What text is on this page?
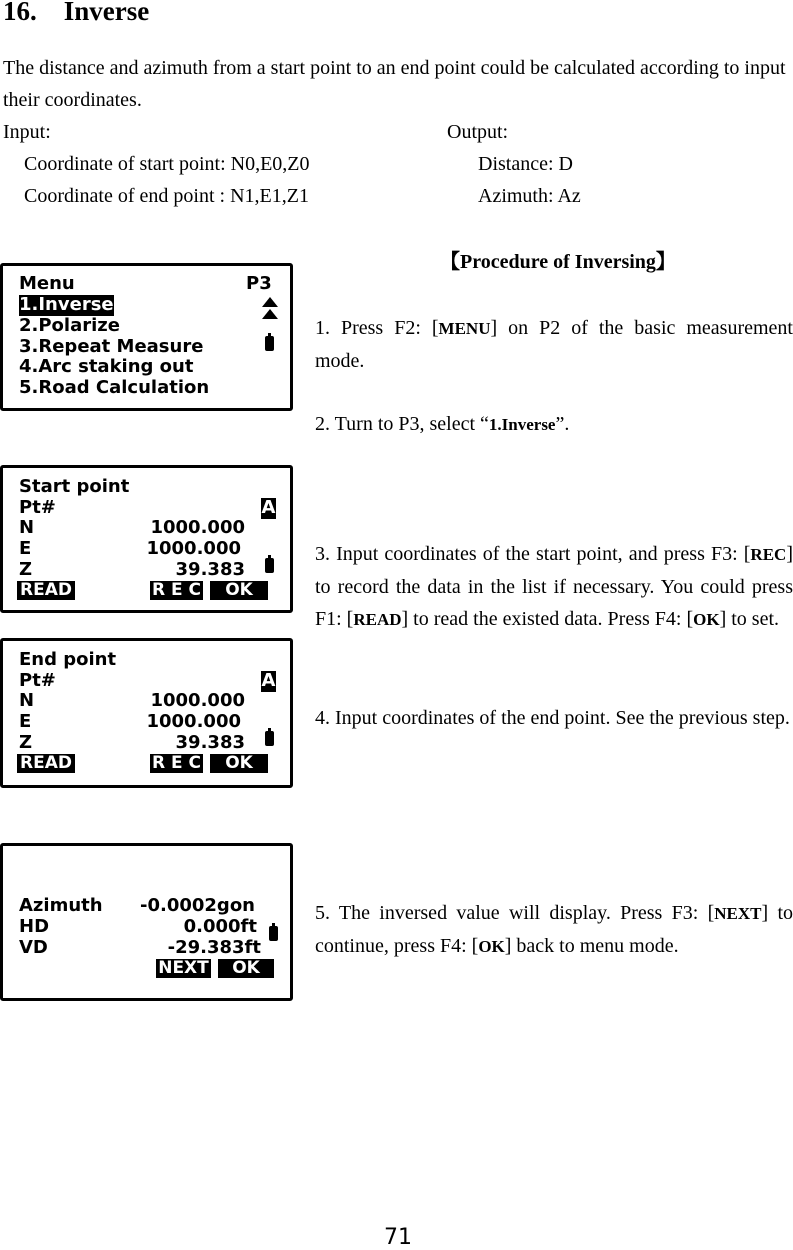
16. Inverse
The distance and azimuth from a start point to an end point could be calculated according to input their coordinates.
Input:
Coordinate of start point: N0,E0,Z0
Coordinate of end point : N1,E1,Z1
Output:
Distance: D
Azimuth: Az
【Procedure of Inversing】
Menu	P3
1.Inverse
2.Polarize
3.Repeat Measure
4.Arc staking out
5.Road Calculation
Start point
Pt#	A
N	1000.000
E	1000.000
Z	39.383
READ	R E C	OK
End point
Pt#	A
N	1000.000
E	1000.000
Z	39.383
READ	R E C	OK
Azimuth	-0.0002gon
HD	0.000ft
VD	-29.383ft
NEXT	OK
1. Press F2: [MENU] on P2 of the basic measurement mode.
2. Turn to P3, select “1.Inverse”.
3. Input coordinates of the start point, and press F3: [REC] to record the data in the list if necessary. You could press F1: [READ] to read the existed data. Press F4: [OK] to set.
4. Input coordinates of the end point. See the previous step.
5. The inversed value will display. Press F3: [NEXT] to continue, press F4: [OK] back to menu mode.
71
